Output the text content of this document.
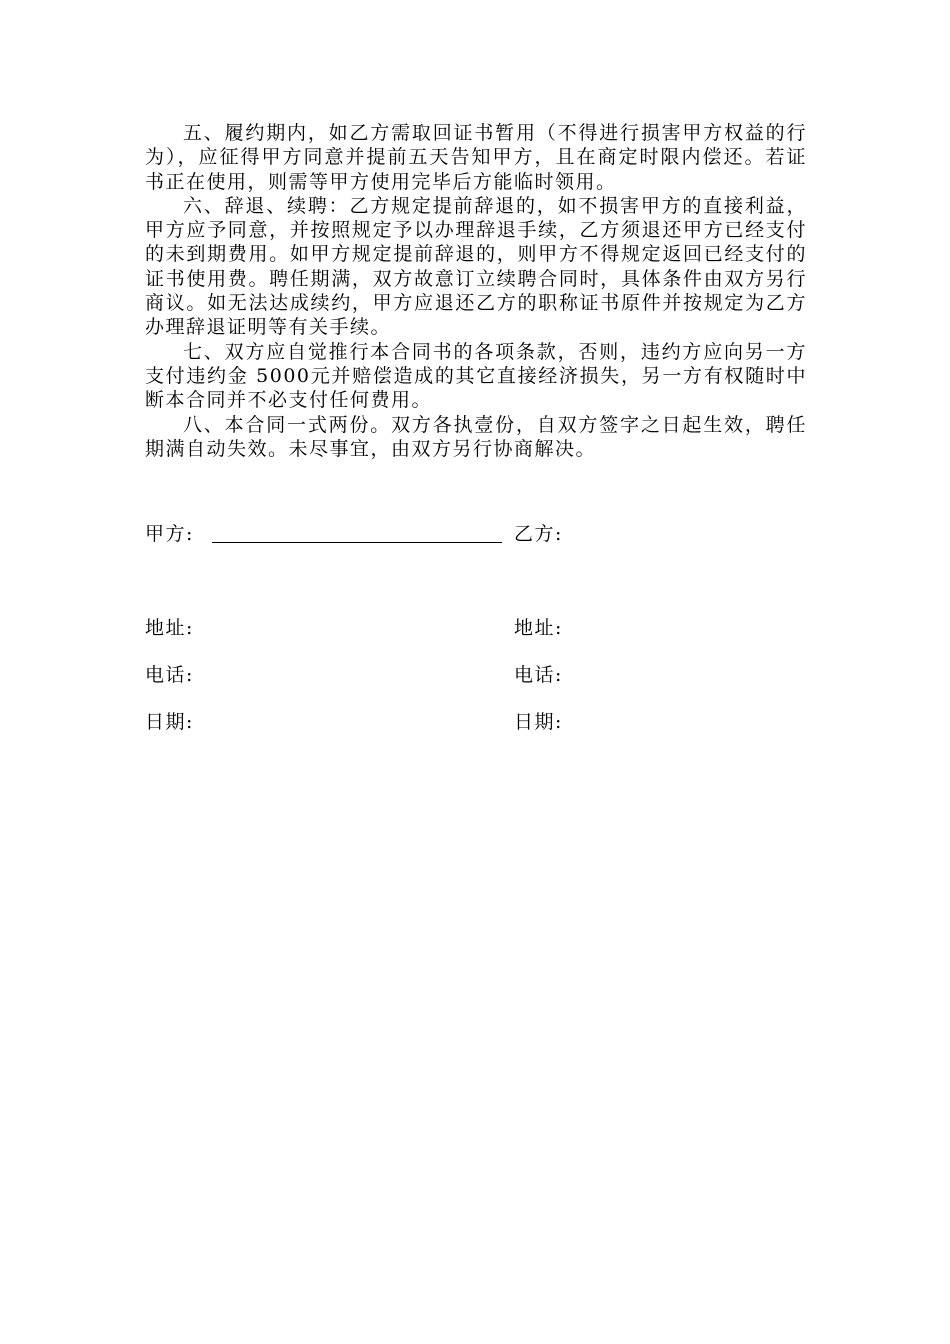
五、履约期内，如乙方需取回证书暂用（不得进行损害甲方权益的行为），应征得甲方同意并提前五天告知甲方，且在商定时限内偿还。若证书正在使用，则需等甲方使用完毕后方能临时领用。

六、辞退、续聘：乙方规定提前辞退的，如不损害甲方的直接利益，甲方应予同意，并按照规定予以办理辞退手续，乙方须退还甲方已经支付的未到期费用。如甲方规定提前辞退的，则甲方不得规定返回已经支付的证书使用费。聘任期满，双方故意订立续聘合同时，具体条件由双方另行商议。如无法达成续约，甲方应退还乙方的职称证书原件并按规定为乙方办理辞退证明等有关手续。

七、双方应自觉推行本合同书的各项条款，否则，违约方应向另一方支付违约金 5000元并赔偿造成的其它直接经济损失，另一方有权随时中断本合同并不必支付任何费用。

八、本合同一式两份。双方各执壹份，自双方签字之日起生效，聘任期满自动失效。未尽事宜，由双方另行协商解决。

甲方:	乙方:
地址:	地址:
电话:	电话:
日期:	日期:
